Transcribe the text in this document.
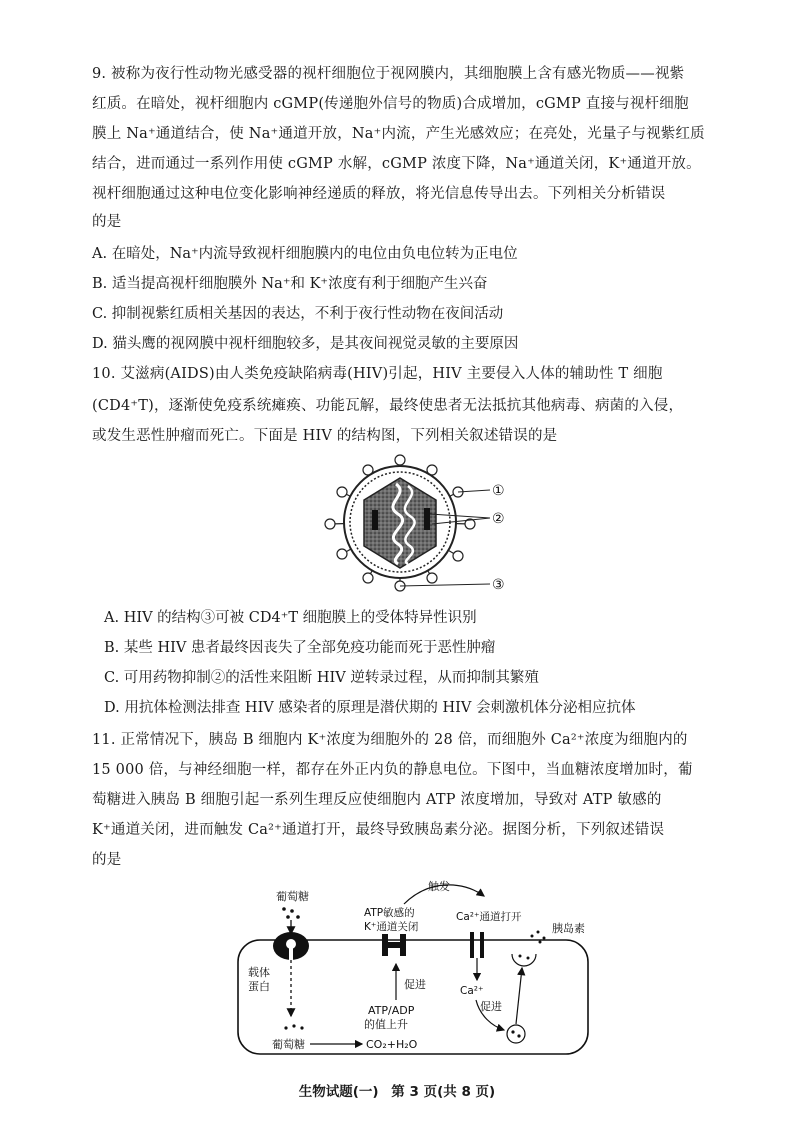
9. 被称为夜行性动物光感受器的视杆细胞位于视网膜内，其细胞膜上含有感光物质——视紫
红质。在暗处，视杆细胞内 cGMP(传递胞外信号的物质)合成增加，cGMP 直接与视杆细胞
膜上 Na⁺通道结合，使 Na⁺通道开放，Na⁺内流，产生光感效应；在亮处，光量子与视紫红质
结合，进而通过一系列作用使 cGMP 水解，cGMP 浓度下降，Na⁺通道关闭，K⁺通道开放。
视杆细胞通过这种电位变化影响神经递质的释放，将光信息传导出去。下列相关分析错误
的是
A. 在暗处，Na⁺内流导致视杆细胞膜内的电位由负电位转为正电位
B. 适当提高视杆细胞膜外 Na⁺和 K⁺浓度有利于细胞产生兴奋
C. 抑制视紫红质相关基因的表达，不利于夜行性动物在夜间活动
D. 猫头鹰的视网膜中视杆细胞较多，是其夜间视觉灵敏的主要原因
10. 艾滋病(AIDS)由人类免疫缺陷病毒(HIV)引起，HIV 主要侵入人体的辅助性 T 细胞
(CD4⁺T)，逐渐使免疫系统瘫痪、功能瓦解，最终使患者无法抵抗其他病毒、病菌的入侵，
或发生恶性肿瘤而死亡。下面是 HIV 的结构图，下列相关叙述错误的是
①
②
③
A. HIV 的结构③可被 CD4⁺T 细胞膜上的受体特异性识别
B. 某些 HIV 患者最终因丧失了全部免疫功能而死于恶性肿瘤
C. 可用药物抑制②的活性来阻断 HIV 逆转录过程，从而抑制其繁殖
D. 用抗体检测法排查 HIV 感染者的原理是潜伏期的 HIV 会刺激机体分泌相应抗体
11. 正常情况下，胰岛 B 细胞内 K⁺浓度为细胞外的 28 倍，而细胞外 Ca²⁺浓度为细胞内的
15 000 倍，与神经细胞一样，都存在外正内负的静息电位。下图中，当血糖浓度增加时，葡
萄糖进入胰岛 B 细胞引起一系列生理反应使细胞内 ATP 浓度增加，导致对 ATP 敏感的
K⁺通道关闭，进而触发 Ca²⁺通道打开，最终导致胰岛素分泌。据图分析，下列叙述错误
的是
葡萄糖
载体
蛋白
葡萄糖	CO₂+H₂O
ATP/ADP
的值上升
促进
ATP敏感的
K⁺通道关闭
触发
Ca²⁺通道打开
Ca²⁺
促进
胰岛素
生物试题(一) 第 3 页(共 8 页)
